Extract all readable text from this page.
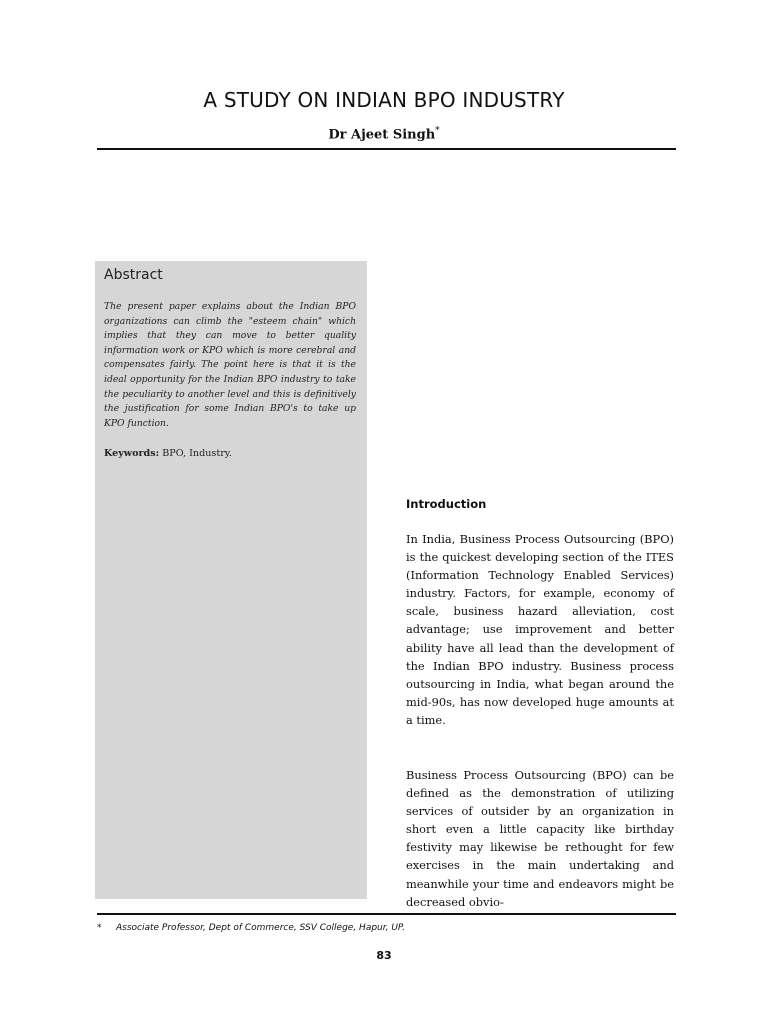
A STUDY ON INDIAN BPO INDUSTRY
Dr Ajeet Singh*
Abstract
The present paper explains about the Indian BPO organizations can climb the "esteem chain" which implies that they can move to better quality information work or KPO which is more cerebral and compensates fairly. The point here is that it is the ideal opportunity for the Indian BPO industry to take the peculiarity to another level and this is definitively the justification for some Indian BPO's to take up KPO function.
Keywords: BPO, Industry.
Introduction
In India, Business Process Outsourcing (BPO) is the quickest developing section of the ITES (Information Technology Enabled Services) industry. Factors, for example, economy of scale, business hazard alleviation, cost advantage; use improvement and better ability have all lead than the development of the Indian BPO industry. Business process outsourcing in India, what began around the mid-90s, has now developed huge amounts at a time.
Business Process Outsourcing (BPO) can be defined as the demonstration of utilizing services of outsider by an organization in short even a little capacity like birthday festivity may likewise be rethought for few exercises in the main undertaking and meanwhile your time and endeavors might be decreased obvio-
* Associate Professor, Dept of Commerce, SSV College, Hapur, UP.
83
